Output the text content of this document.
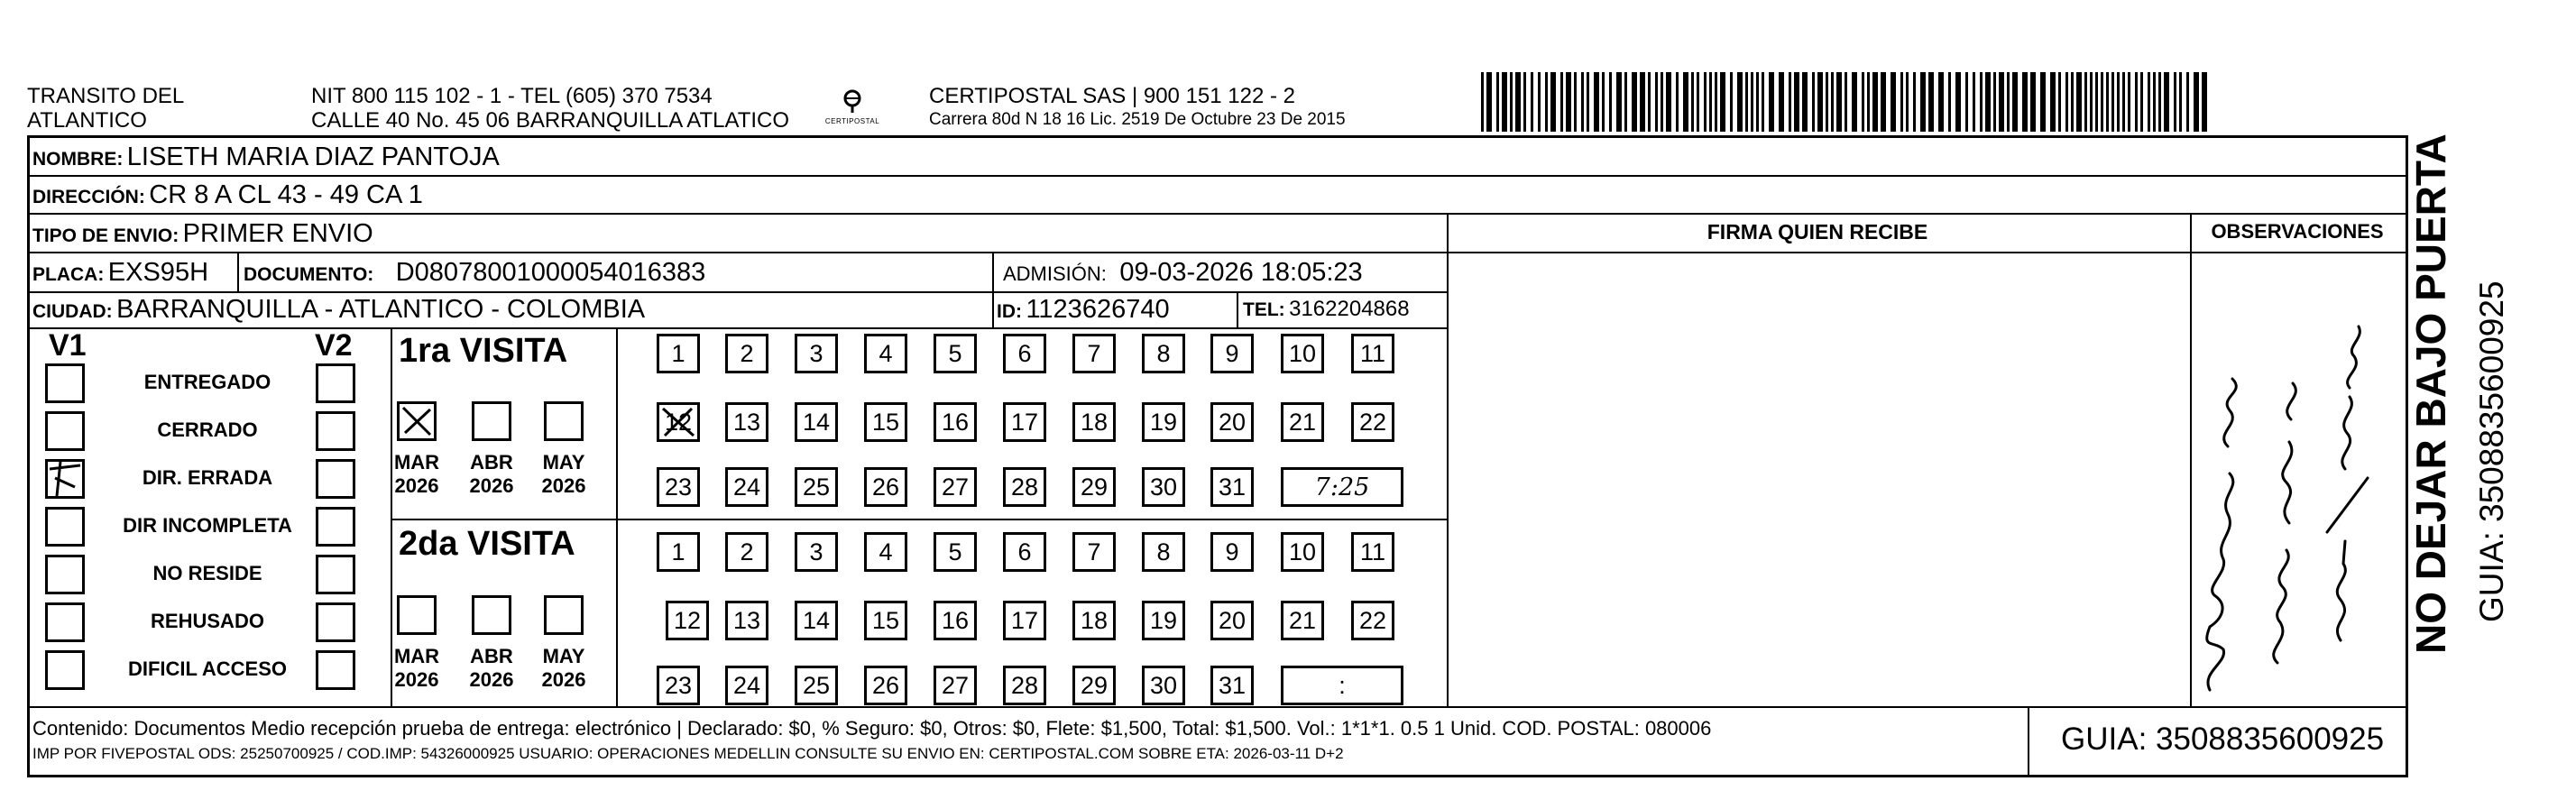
TRANSITO DEL
ATLANTICO
NIT 800 115 102 - 1 - TEL (605) 370 7534
CALLE 40 No. 45 06 BARRANQUILLA ATLATICO	CERTIPOSTAL
CERTIPOSTAL SAS | 900 151 122 - 2
Carrera 80d N 18 16 Lic. 2519 De Octubre 23 De 2015
NOMBRE: LISETH MARIA DIAZ PANTOJA
DIRECCIÓN: CR 8 A CL 43 - 49 CA 1
TIPO DE ENVIO: PRIMER ENVIO
PLACA: EXS95H DOCUMENTO: D08078001000054016383	ADMISIÓN: 09-03-2026 18:05:23
CIUDAD: BARRANQUILLA - ATLANTICO - COLOMBIA	ID: 1123626740	TEL: 3162204868
FIRMA QUIEN RECIBE	OBSERVACIONES
V1	V2
ENTREGADO
CERRADO
DIR. ERRADA
DIR INCOMPLETA
NO RESIDE
REHUSADO
DIFICIL ACCESO
1ra VISITA
2da VISITA
MAR
2026
ABR
2026
MAY
2026
MAR
2026
ABR
2026
MAY
2026
1	2	3	4	5	6	7	8	9	10	11
12	13	14	15	16	17	18	19	20	21	22
23	24	25	26	27	28	29	30	31	7:25
1	2	3	4	5	6	7	8	9	10	11
12	13	14	15	16	17	18	19	20	21	22
23	24	25	26	27	28	29	30	31	:
NO DEJAR BAJO PUERTA GUIA: 3508835600925
Contenido: Documentos Medio recepción prueba de entrega: electrónico | Declarado: $0, % Seguro: $0, Otros: $0, Flete: $1,500, Total: $1,500. Vol.: 1*1*1. 0.5 1 Unid. COD. POSTAL: 080006
IMP POR FIVEPOSTAL ODS: 25250700925 / COD.IMP: 54326000925 USUARIO: OPERACIONES MEDELLIN CONSULTE SU ENVIO EN: CERTIPOSTAL.COM SOBRE ETA: 2026-03-11 D+2	GUIA: 3508835600925
